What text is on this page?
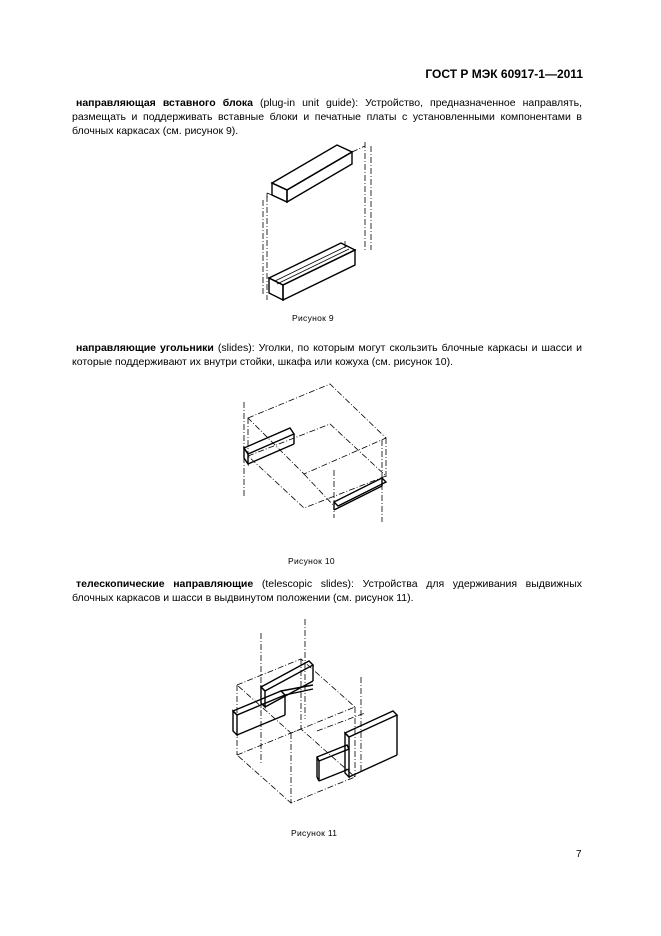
ГОСТ Р МЭК 60917-1—2011
направляющая вставного блока (plug-in unit guide): Устройство, предназначенное направлять, размещать и поддерживать вставные блоки и печатные платы с установленными компонентами в блочных каркасах (см. рисунок 9).
Рисунок 9
направляющие угольники (slides): Уголки, по которым могут скользить блочные каркасы и шасси и которые поддерживают их внутри стойки, шкафа или кожуха (см. рисунок 10).
Рисунок 10
телескопические направляющие (telescopic slides): Устройства для удерживания выдвижных блочных каркасов и шасси в выдвинутом положении (см. рисунок 11).
Рисунок 11
7
